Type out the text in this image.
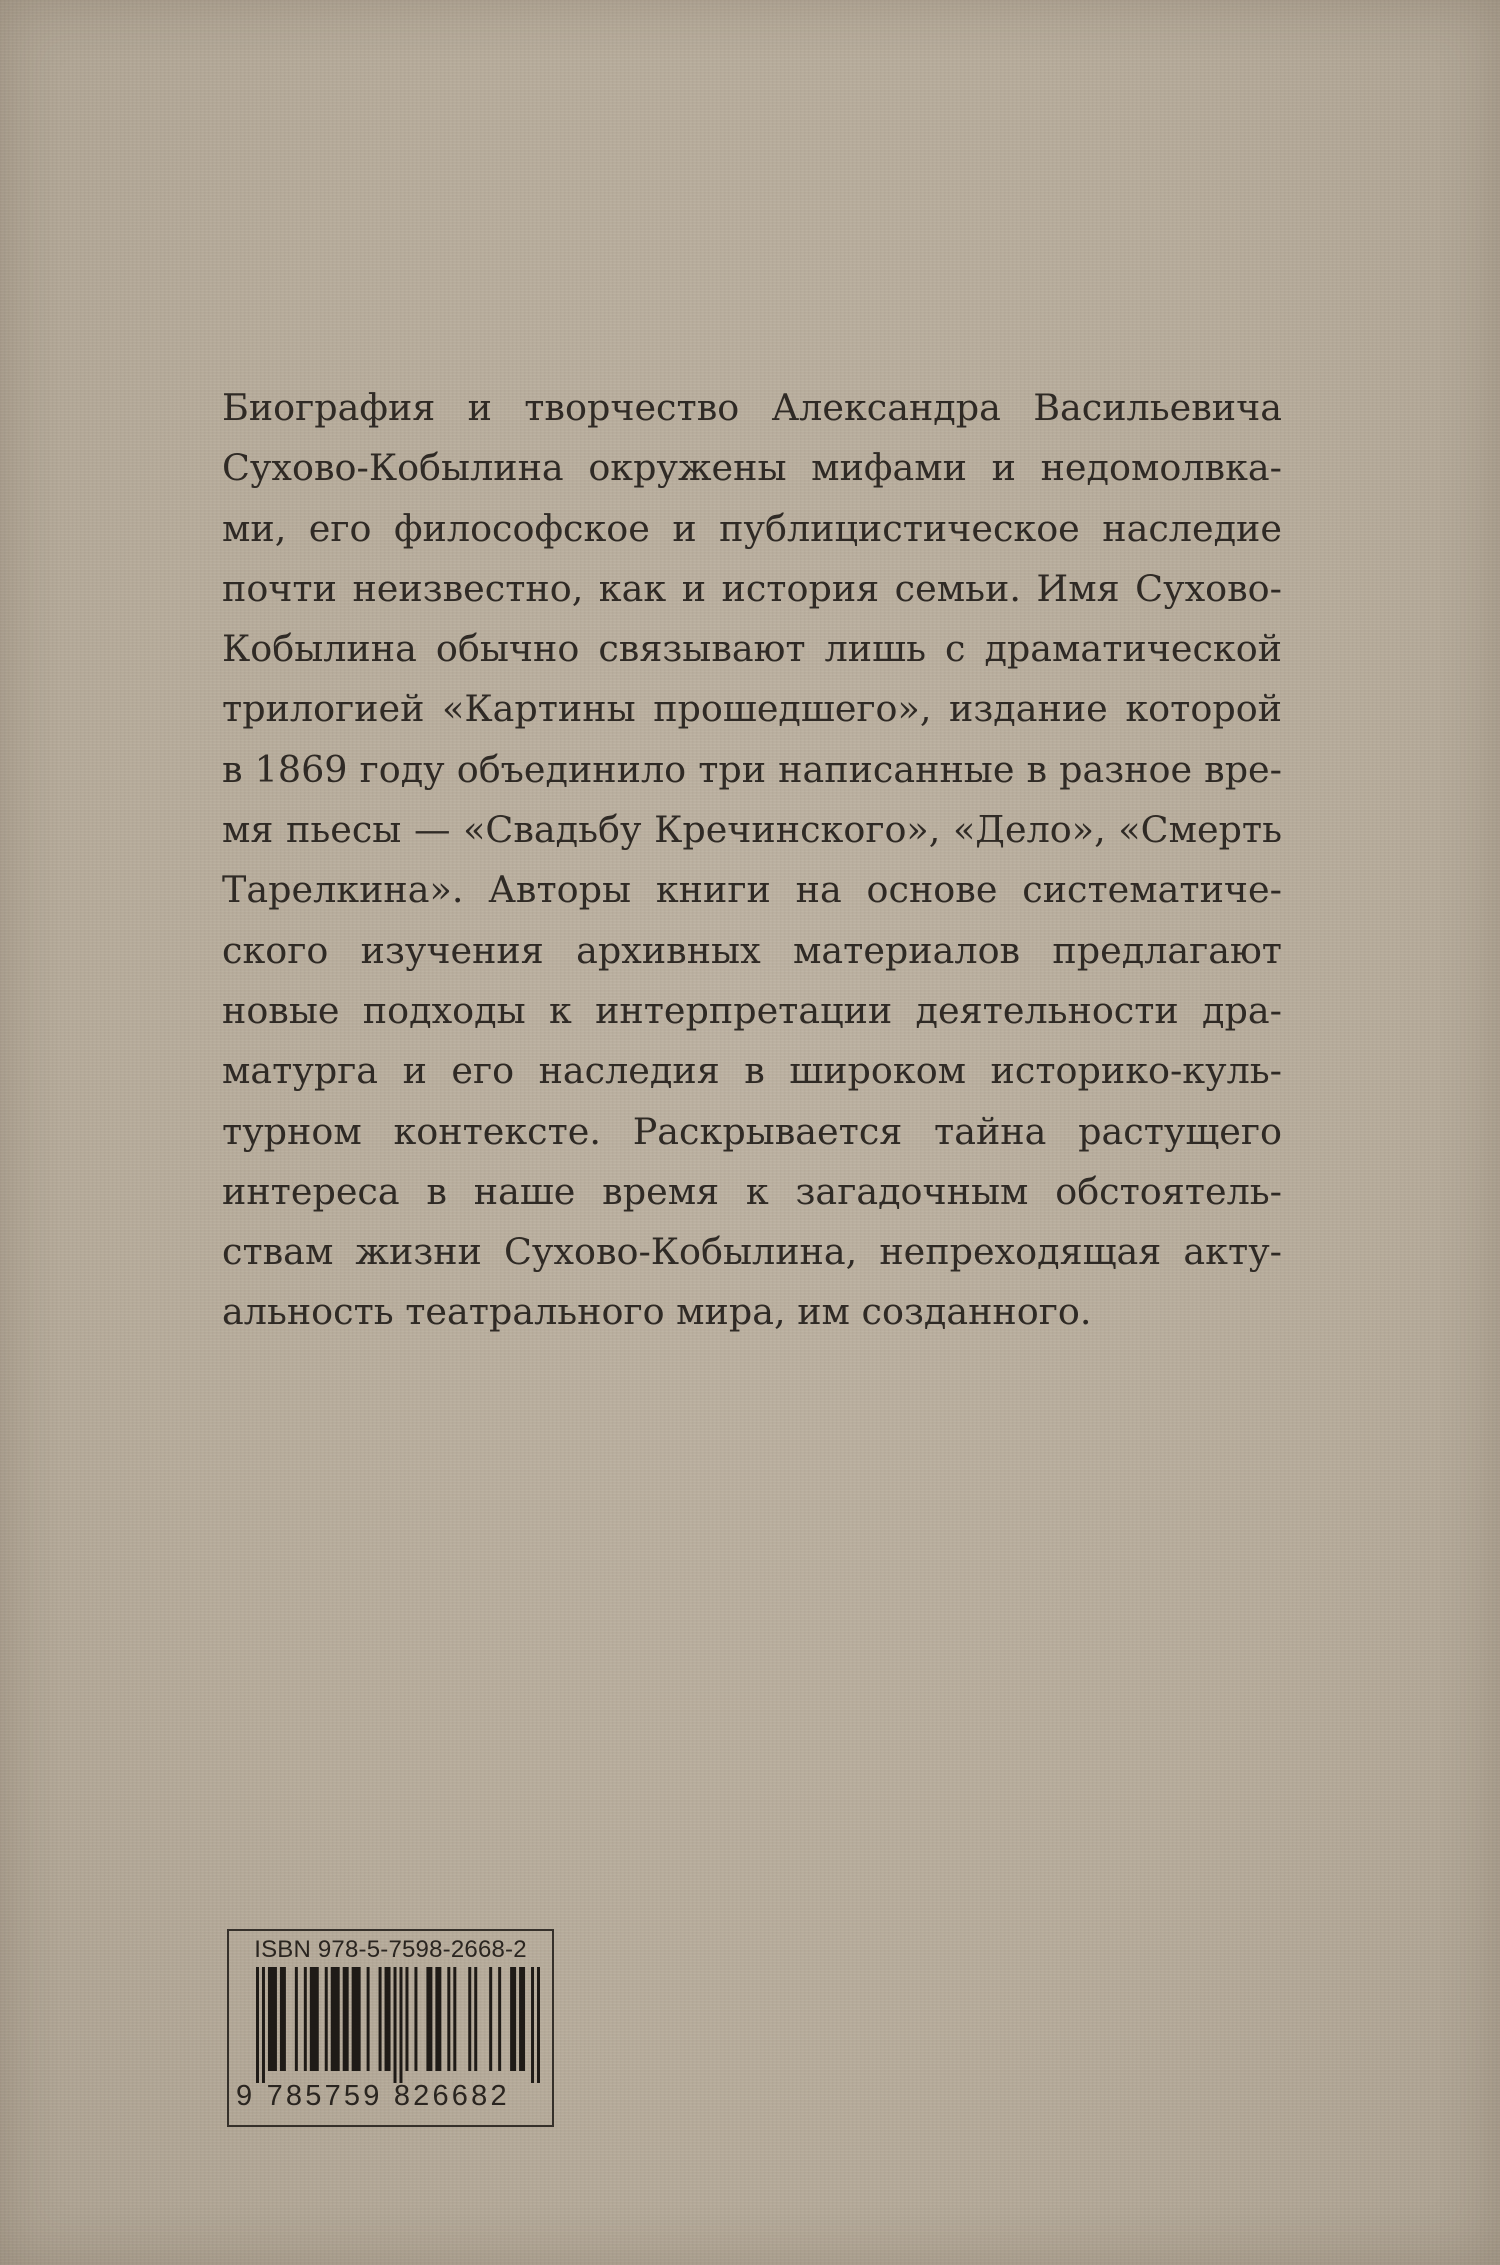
Биография и творчество Александра Васильевича
Сухово-Кобылина окружены мифами и недомолвка-
ми, его философское и публицистическое наследие
почти неизвестно, как и история семьи. Имя Сухово-
Кобылина обычно связывают лишь с драматической
трилогией «Картины прошедшего», издание которой
в 1869 году объединило три написанные в разное вре-
мя пьесы — «Свадьбу Кречинского», «Дело», «Смерть
Тарелкина». Авторы книги на основе систематиче-
ского изучения архивных материалов предлагают
новые подходы к интерпретации деятельности дра-
матурга и его наследия в широком историко-куль-
турном контексте. Раскрывается тайна растущего
интереса в наше время к загадочным обстоятель-
ствам жизни Сухово-Кобылина, непреходящая акту-
альность театрального мира, им созданного.
ISBN 978-5-7598-2668-2
9 785759 826682
